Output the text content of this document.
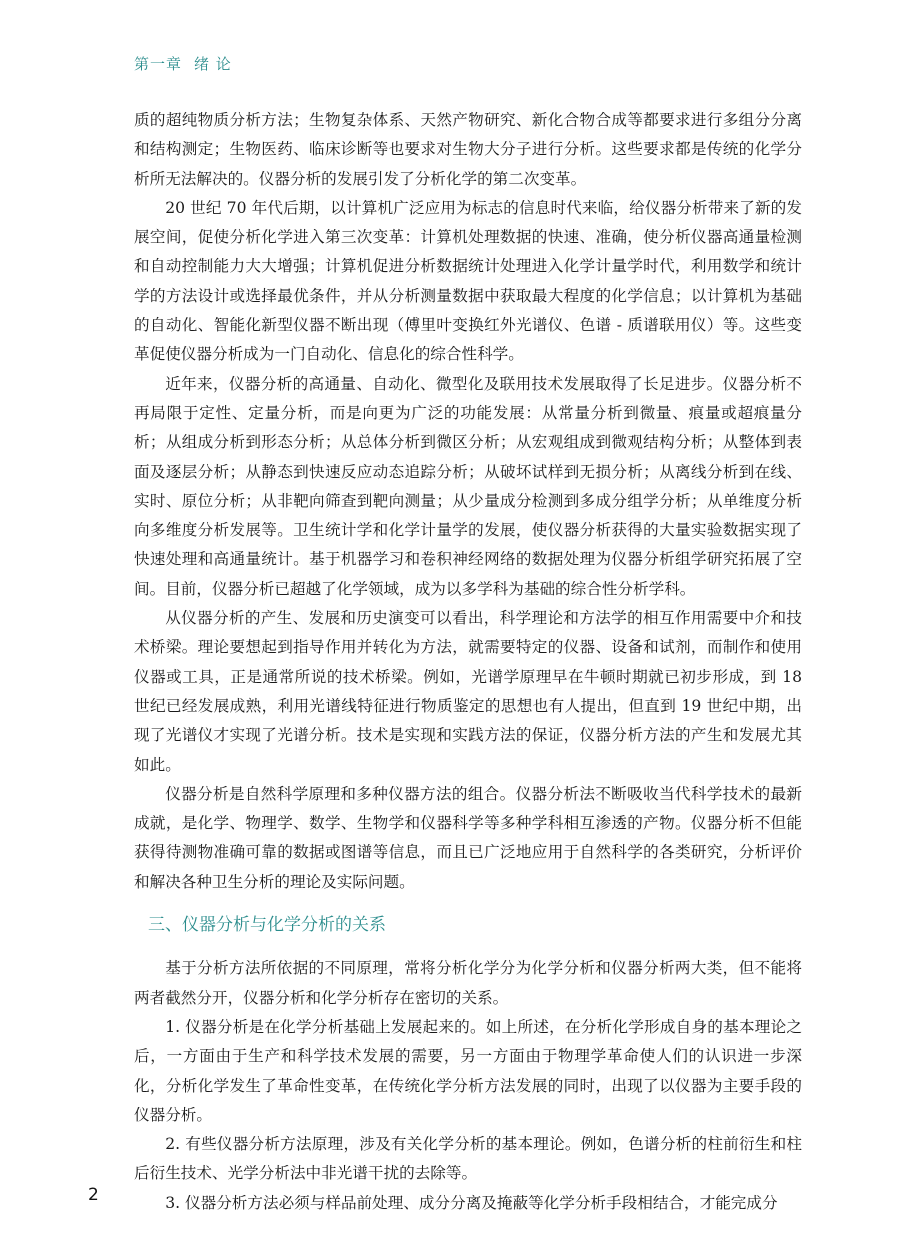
第一章 绪 论

质的超纯物质分析方法；生物复杂体系、天然产物研究、新化合物合成等都要求进行多组分分离和结构测定；生物医药、临床诊断等也要求对生物大分子进行分析。这些要求都是传统的化学分析所无法解决的。仪器分析的发展引发了分析化学的第二次变革。

20 世纪 70 年代后期，以计算机广泛应用为标志的信息时代来临，给仪器分析带来了新的发展空间，促使分析化学进入第三次变革：计算机处理数据的快速、准确，使分析仪器高通量检测和自动控制能力大大增强；计算机促进分析数据统计处理进入化学计量学时代，利用数学和统计学的方法设计或选择最优条件，并从分析测量数据中获取最大程度的化学信息；以计算机为基础的自动化、智能化新型仪器不断出现（傅里叶变换红外光谱仪、色谱 - 质谱联用仪）等。这些变革促使仪器分析成为一门自动化、信息化的综合性科学。

近年来，仪器分析的高通量、自动化、微型化及联用技术发展取得了长足进步。仪器分析不再局限于定性、定量分析，而是向更为广泛的功能发展：从常量分析到微量、痕量或超痕量分析；从组成分析到形态分析；从总体分析到微区分析；从宏观组成到微观结构分析；从整体到表面及逐层分析；从静态到快速反应动态追踪分析；从破坏试样到无损分析；从离线分析到在线、实时、原位分析；从非靶向筛查到靶向测量；从少量成分检测到多成分组学分析；从单维度分析向多维度分析发展等。卫生统计学和化学计量学的发展，使仪器分析获得的大量实验数据实现了快速处理和高通量统计。基于机器学习和卷积神经网络的数据处理为仪器分析组学研究拓展了空间。目前，仪器分析已超越了化学领域，成为以多学科为基础的综合性分析学科。

从仪器分析的产生、发展和历史演变可以看出，科学理论和方法学的相互作用需要中介和技术桥梁。理论要想起到指导作用并转化为方法，就需要特定的仪器、设备和试剂，而制作和使用仪器或工具，正是通常所说的技术桥梁。例如，光谱学原理早在牛顿时期就已初步形成，到 18 世纪已经发展成熟，利用光谱线特征进行物质鉴定的思想也有人提出，但直到 19 世纪中期，出现了光谱仪才实现了光谱分析。技术是实现和实践方法的保证，仪器分析方法的产生和发展尤其如此。

仪器分析是自然科学原理和多种仪器方法的组合。仪器分析法不断吸收当代科学技术的最新成就，是化学、物理学、数学、生物学和仪器科学等多种学科相互渗透的产物。仪器分析不但能获得待测物准确可靠的数据或图谱等信息，而且已广泛地应用于自然科学的各类研究，分析评价和解决各种卫生分析的理论及实际问题。

三、仪器分析与化学分析的关系

基于分析方法所依据的不同原理，常将分析化学分为化学分析和仪器分析两大类，但不能将两者截然分开，仪器分析和化学分析存在密切的关系。

1. 仪器分析是在化学分析基础上发展起来的。如上所述，在分析化学形成自身的基本理论之后，一方面由于生产和科学技术发展的需要，另一方面由于物理学革命使人们的认识进一步深化，分析化学发生了革命性变革，在传统化学分析方法发展的同时，出现了以仪器为主要手段的仪器分析。

2. 有些仪器分析方法原理，涉及有关化学分析的基本理论。例如，色谱分析的柱前衍生和柱后衍生技术、光学分析法中非光谱干扰的去除等。

3. 仪器分析方法必须与样品前处理、成分分离及掩蔽等化学分析手段相结合，才能完成分

2
